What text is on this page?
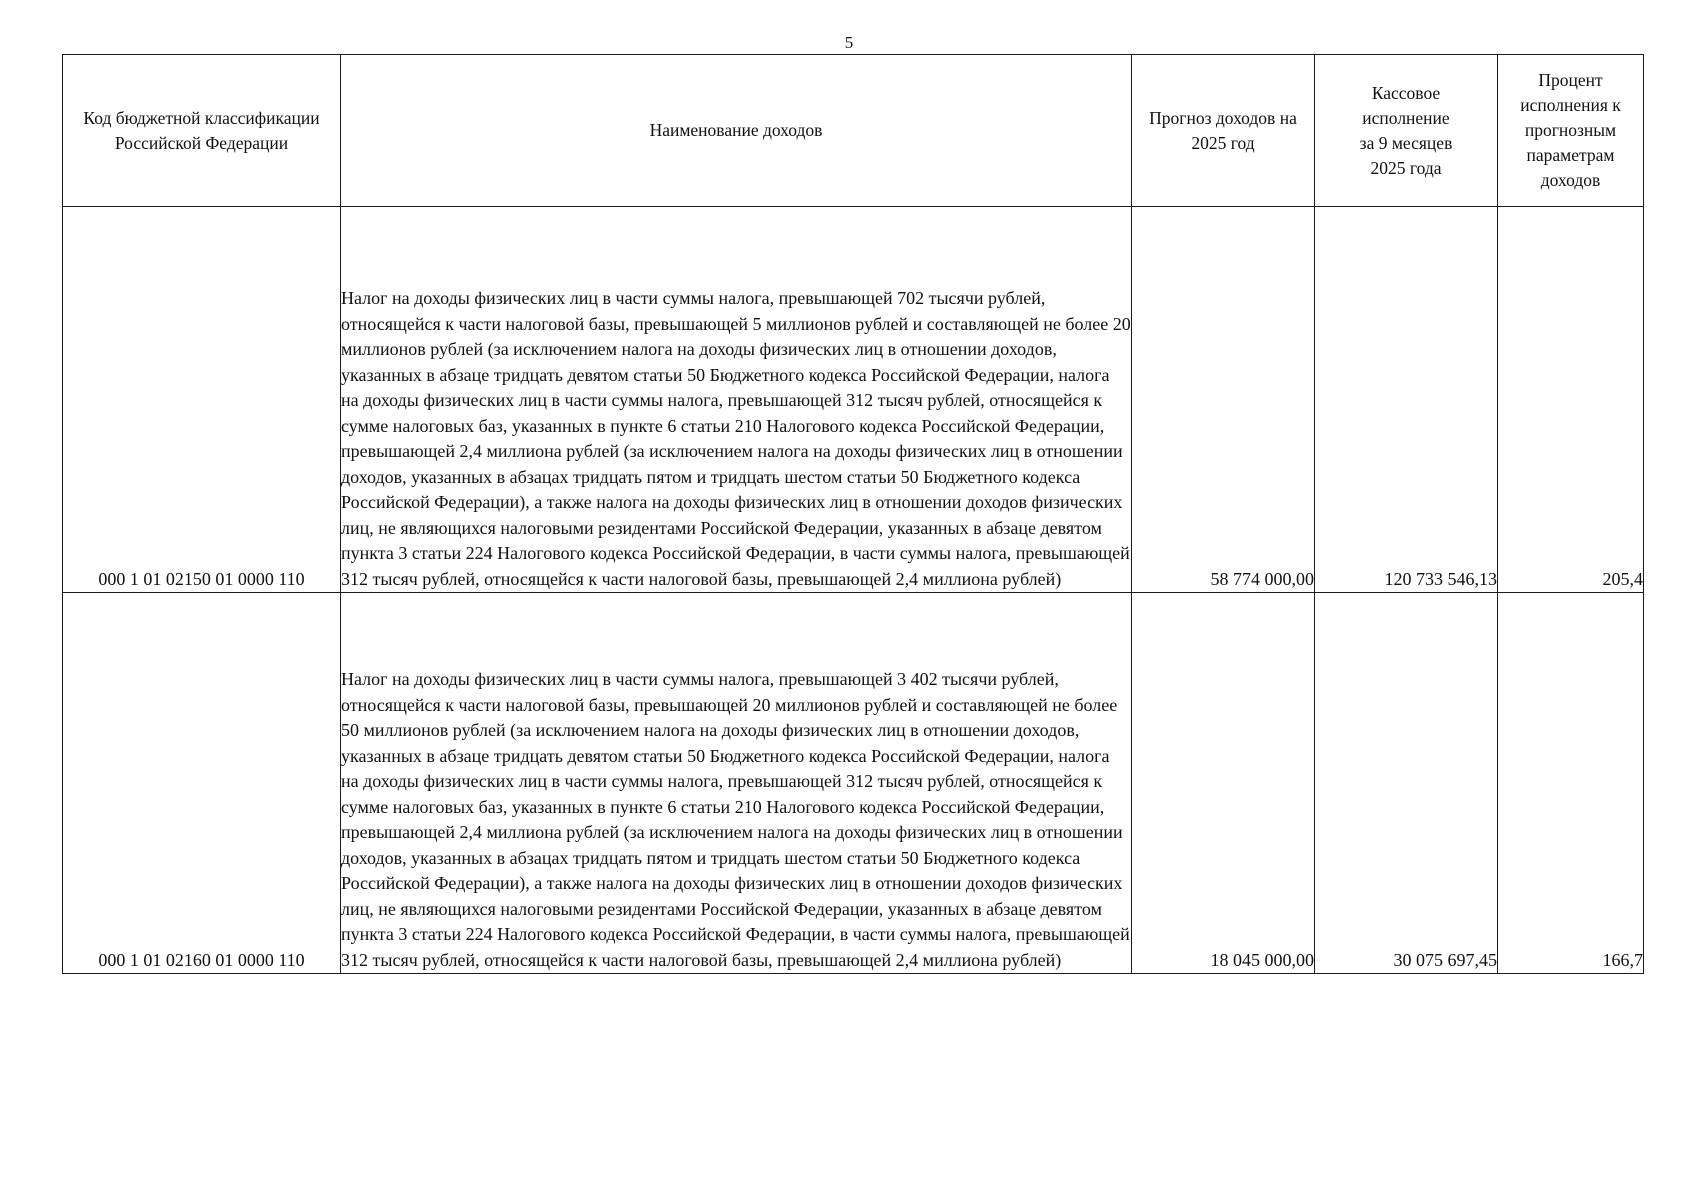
5
Код бюджетной классификации Российской Федерации	Наименование доходов	Прогноз доходов на 2025 год	Кассовое исполнение за 9 месяцев 2025 года	Процент исполнения к прогнозным параметрам доходов
000 1 01 02150 01 0000 110	Налог на доходы физических лиц в части суммы налога, превышающей 702 тысячи рублей, относящейся к части налоговой базы, превышающей 5 миллионов рублей и составляющей не более 20 миллионов рублей (за исключением налога на доходы физических лиц в отношении доходов, указанных в абзаце тридцать девятом статьи 50 Бюджетного кодекса Российской Федерации, налога на доходы физических лиц в части суммы налога, превышающей 312 тысяч рублей, относящейся к сумме налоговых баз, указанных в пункте 6 статьи 210 Налогового кодекса Российской Федерации, превышающей 2,4 миллиона рублей (за исключением налога на доходы физических лиц в отношении доходов, указанных в абзацах тридцать пятом и тридцать шестом статьи 50 Бюджетного кодекса Российской Федерации), а также налога на доходы физических лиц в отношении доходов физических лиц, не являющихся налоговыми резидентами Российской Федерации, указанных в абзаце девятом пункта 3 статьи 224 Налогового кодекса Российской Федерации, в части суммы налога, превышающей 312 тысяч рублей, относящейся к части налоговой базы, превышающей 2,4 миллиона рублей)	58 774 000,00	120 733 546,13	205,4
000 1 01 02160 01 0000 110	Налог на доходы физических лиц в части суммы налога, превышающей 3 402 тысячи рублей, относящейся к части налоговой базы, превышающей 20 миллионов рублей и составляющей не более 50 миллионов рублей (за исключением налога на доходы физических лиц в отношении доходов, указанных в абзаце тридцать девятом статьи 50 Бюджетного кодекса Российской Федерации, налога на доходы физических лиц в части суммы налога, превышающей 312 тысяч рублей, относящейся к сумме налоговых баз, указанных в пункте 6 статьи 210 Налогового кодекса Российской Федерации, превышающей 2,4 миллиона рублей (за исключением налога на доходы физических лиц в отношении доходов, указанных в абзацах тридцать пятом и тридцать шестом статьи 50 Бюджетного кодекса Российской Федерации), а также налога на доходы физических лиц в отношении доходов физических лиц, не являющихся налоговыми резидентами Российской Федерации, указанных в абзаце девятом пункта 3 статьи 224 Налогового кодекса Российской Федерации, в части суммы налога, превышающей 312 тысяч рублей, относящейся к части налоговой базы, превышающей 2,4 миллиона рублей)	18 045 000,00	30 075 697,45	166,7
